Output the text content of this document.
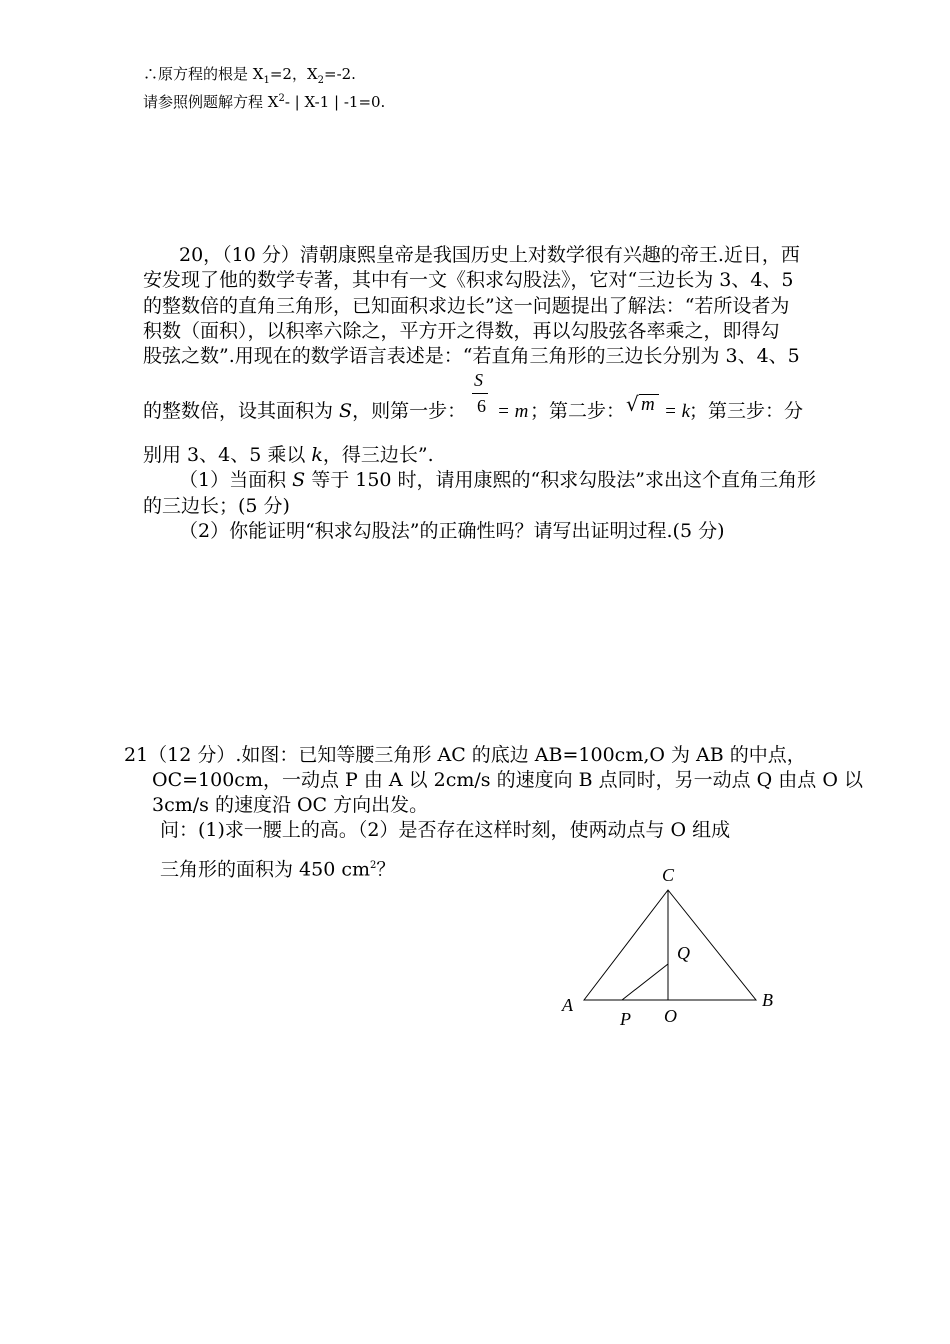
∴原方程的根是 $X_1=2$，$X_2=-2$.
请参照例题解方程 $X^2-$ | X-1 | -1=0.
20，（10 分）清朝康熙皇帝是我国历史上对数学很有兴趣的帝王.近日，西
安发现了他的数学专著，其中有一文《积求勾股法》，它对“三边长为 3、4、5
的整数倍的直角三角形，已知面积求边长”这一问题提出了解法：“若所设者为
积数（面积），以积率六除之，平方开之得数，再以勾股弦各率乘之，即得勾
股弦之数”.用现在的数学语言表述是：“若直角三角形的三边长分别为 3、4、5
的整数倍，设其面积为 S，则第一步：
S
6 = m ；第二步： √ m = k
；第三步：分
别用 3、4、5 乘以 k，得三边长”.
（1）当面积 S 等于 150 时，请用康熙的“积求勾股法”求出这个直角三角形
的三边长；(5 分)
（2）你能证明“积求勾股法”的正确性吗？请写出证明过程.(5 分)
21（12 分）.如图：已知等腰三角形 AC 的底边 AB=100cm,O 为 AB 的中点，
OC=100cm，一动点 P 由 A 以 2cm/s 的速度向 B 点同时，另一动点 Q 由点 O 以
3cm/s 的速度沿 OC 方向出发。
问：(1)求一腰上的高。（2）是否存在这样时刻，使两动点与 O 组成
三角形的面积为 450 $cm^2$？	C
Q
A	B
P O
